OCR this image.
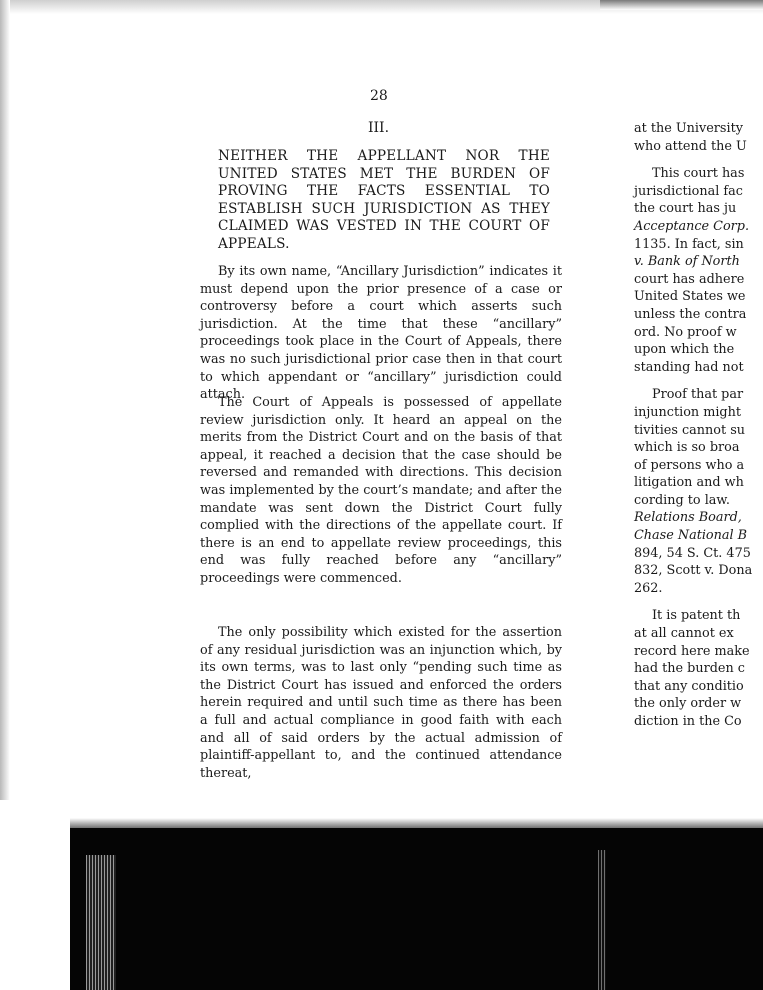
28
III.
NEITHER THE APPELLANT NOR THE UNITED STATES MET THE BURDEN OF PROVING THE FACTS ESSENTIAL TO ESTABLISH SUCH JURISDICTION AS THEY CLAIMED WAS VESTED IN THE COURT OF APPEALS.

By its own name, “Ancillary Jurisdiction” indicates it must depend upon the prior presence of a case or controversy before a court which asserts such jurisdiction. At the time that these “ancillary” proceedings took place in the Court of Appeals, there was no such jurisdictional prior case then in that court to which appendant or “ancillary” jurisdiction could attach.

The Court of Appeals is possessed of appellate review jurisdiction only. It heard an appeal on the merits from the District Court and on the basis of that appeal, it reached a decision that the case should be reversed and remanded with directions. This decision was implemented by the court’s mandate; and after the mandate was sent down the District Court fully complied with the directions of the appellate court. If there is an end to appellate review proceedings, this end was fully reached before any “ancillary” proceedings were commenced.

The only possibility which existed for the assertion of any residual jurisdiction was an injunction which, by its own terms, was to last only “pending such time as the District Court has issued and enforced the orders herein required and until such time as there has been a full and actual compliance in good faith with each and all of said orders by the actual admission of plaintiff-appellant to, and the continued attendance thereat,

at the University
who attend the U
This court has
jurisdictional fac
the court has ju
Acceptance Corp.
1135. In fact, sin
v. Bank of North
court has adhere
United States we
unless the contra
ord. No proof w
upon which the
standing had not
Proof that par
injunction might
tivities cannot su
which is so broa
of persons who a
litigation and wh
cording to law.
Relations Board,
Chase National B
894, 54 S. Ct. 475
832, Scott v. Dona
262.
It is patent th
at all cannot ex
record here make
had the burden c
that any conditio
the only order w
diction in the Co
